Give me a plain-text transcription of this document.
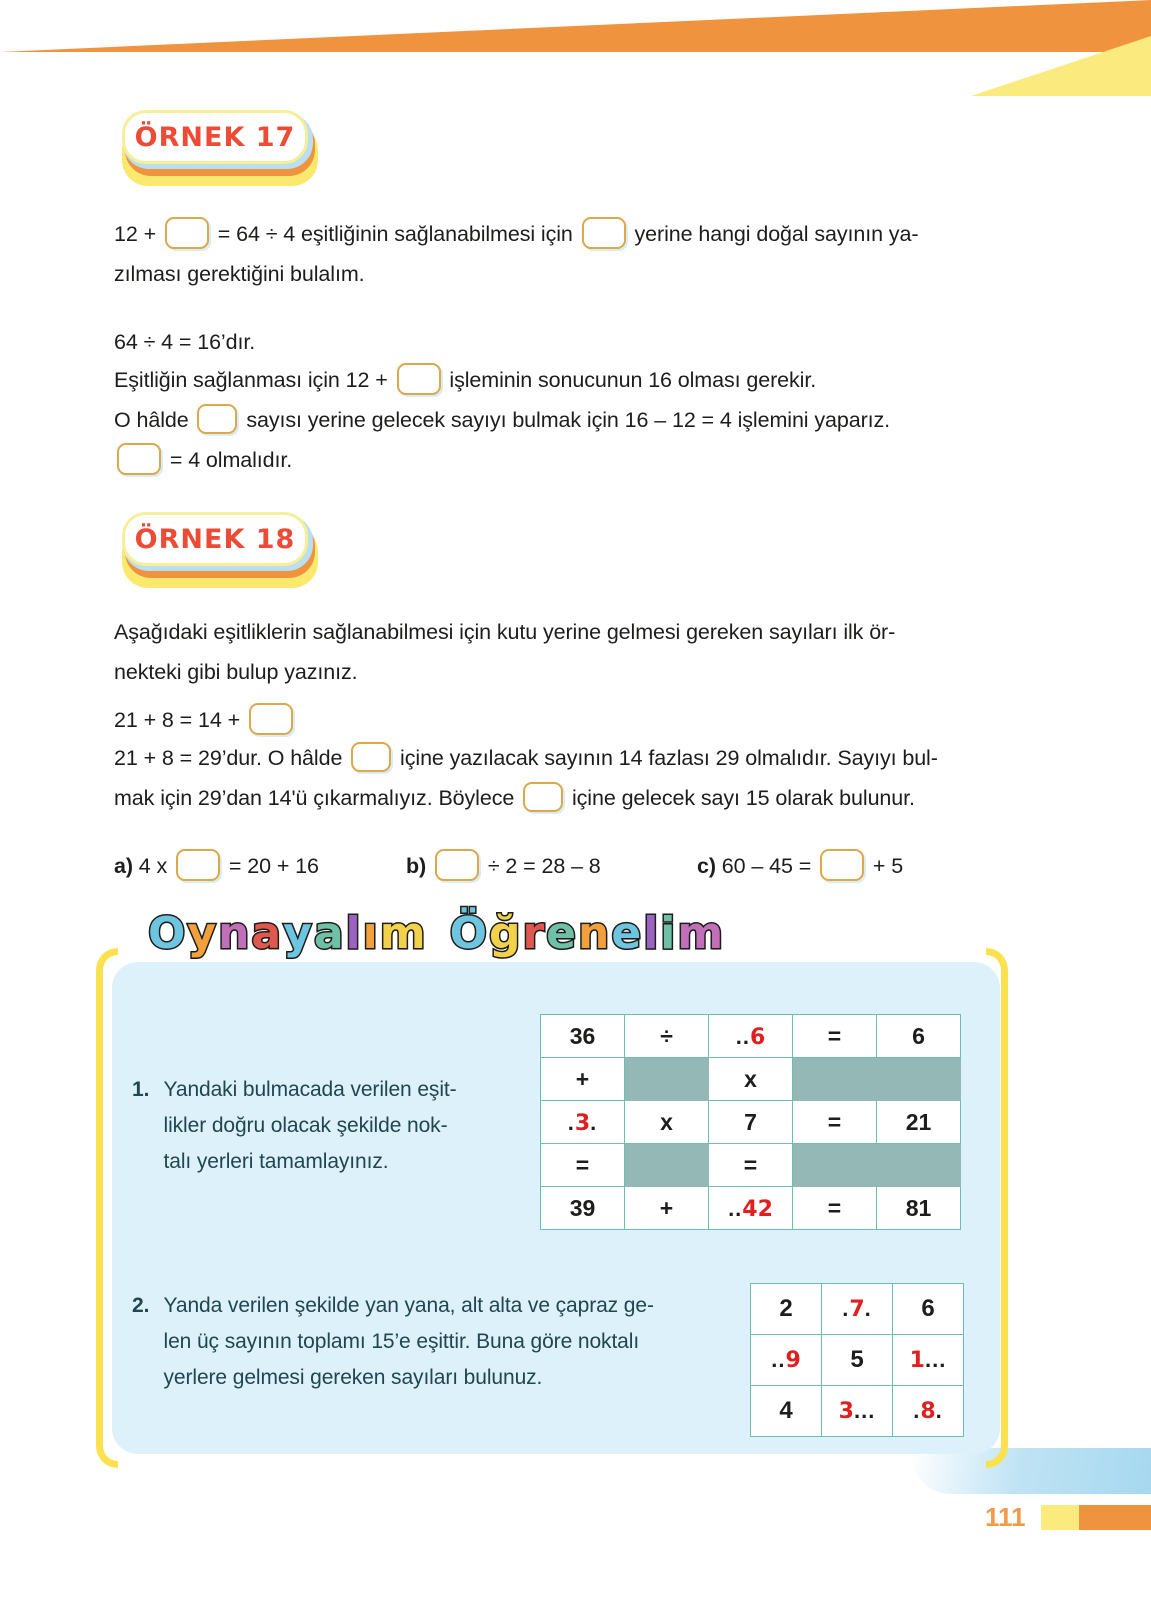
ÖRNEK 17
12 +  = 64 ÷ 4 eşitliğinin sağlanabilmesi için  yerine hangi doğal sayının ya-
zılması gerektiğini bulalım.
64 ÷ 4 = 16’dır.
Eşitliğin sağlanması için 12 +  işleminin sonucunun 16 olması gerekir.
O hâlde  sayısı yerine gelecek sayıyı bulmak için 16 – 12 = 4 işlemini yaparız.
= 4 olmalıdır.
ÖRNEK 18
Aşağıdaki eşitliklerin sağlanabilmesi için kutu yerine gelmesi gereken sayıları ilk ör-
nekteki gibi bulup yazınız.
21 + 8 = 14 +
21 + 8 = 29’dur. O hâlde  içine yazılacak sayının 14 fazlası 29 olmalıdır. Sayıyı bul-
mak için 29’dan 14'ü çıkarmalıyız. Böylece  içine gelecek sayı 15 olarak bulunur.
a) 4 x  = 20 + 16	b)	÷ 2 = 28 – 8	c) 60 – 45 =  + 5
Oynayalım Öğrenelim
1. Yandaki bulmacada verilen eşit-
likler doğru olacak şekilde nok-
talı yerleri tamamlayınız.
2. Yanda verilen şekilde yan yana, alt alta ve çapraz ge-
len üç sayının toplamı 15’e eşittir. Buna göre noktalı
yerlere gelmesi gereken sayıları bulunuz.
36	÷	..6	=	6
+		x		
.3.	x	7	=	21
=		=		
39	+	..42	=	81
2	.7.	6
..9	5	1...
4	3...	.8.
111
